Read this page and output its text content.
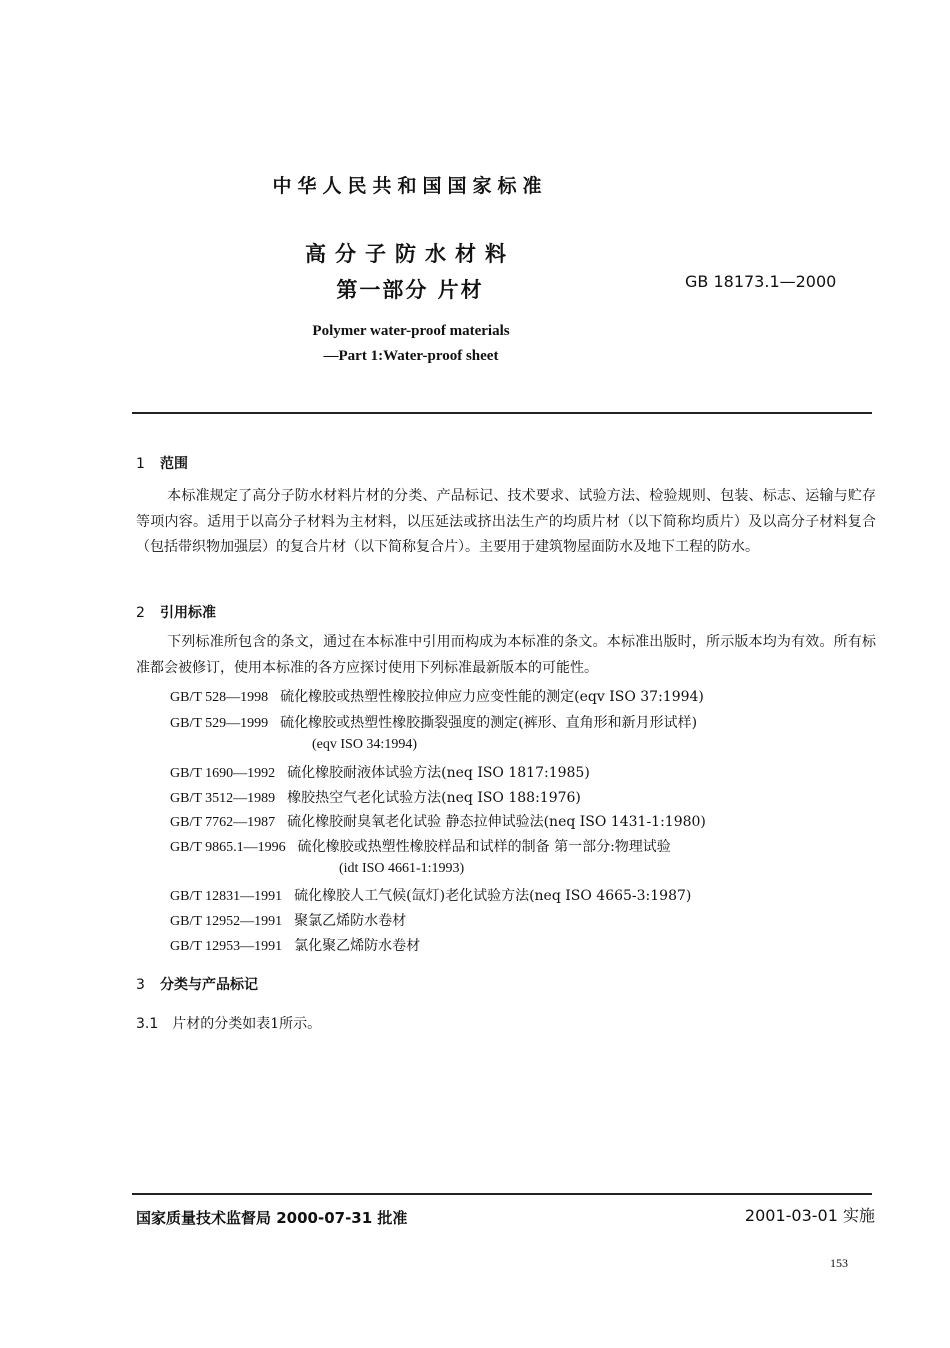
中华人民共和国国家标准
高分子防水材料
第一部分 片材	GB 18173.1—2000
Polymer water-proof materials
—Part 1:Water-proof sheet
1 范围
本标准规定了高分子防水材料片材的分类、产品标记、技术要求、试验方法、检验规则、包装、标志、运输与贮存等项内容。适用于以高分子材料为主材料，以压延法或挤出法生产的均质片材（以下简称均质片）及以高分子材料复合（包括带织物加强层）的复合片材（以下简称复合片）。主要用于建筑物屋面防水及地下工程的防水。
2 引用标准
下列标准所包含的条文，通过在本标准中引用而构成为本标准的条文。本标准出版时，所示版本均为有效。所有标准都会被修订，使用本标准的各方应探讨使用下列标准最新版本的可能性。
GB/T 528—1998 硫化橡胶或热塑性橡胶拉伸应力应变性能的测定(eqv ISO 37:1994)
GB/T 529—1999 硫化橡胶或热塑性橡胶撕裂强度的测定(裤形、直角形和新月形试样)
(eqv ISO 34:1994)
GB/T 1690—1992 硫化橡胶耐液体试验方法(neq ISO 1817:1985)
GB/T 3512—1989 橡胶热空气老化试验方法(neq ISO 188:1976)
GB/T 7762—1987 硫化橡胶耐臭氧老化试验 静态拉伸试验法(neq ISO 1431-1:1980)
GB/T 9865.1—1996 硫化橡胶或热塑性橡胶样品和试样的制备 第一部分:物理试验
(idt ISO 4661-1:1993)
GB/T 12831—1991 硫化橡胶人工气候(氙灯)老化试验方法(neq ISO 4665-3:1987)
GB/T 12952—1991 聚氯乙烯防水卷材
GB/T 12953—1991 氯化聚乙烯防水卷材
3 分类与产品标记
3.1 片材的分类如表1所示。
国家质量技术监督局 2000-07-31 批准	2001-03-01 实施
153
